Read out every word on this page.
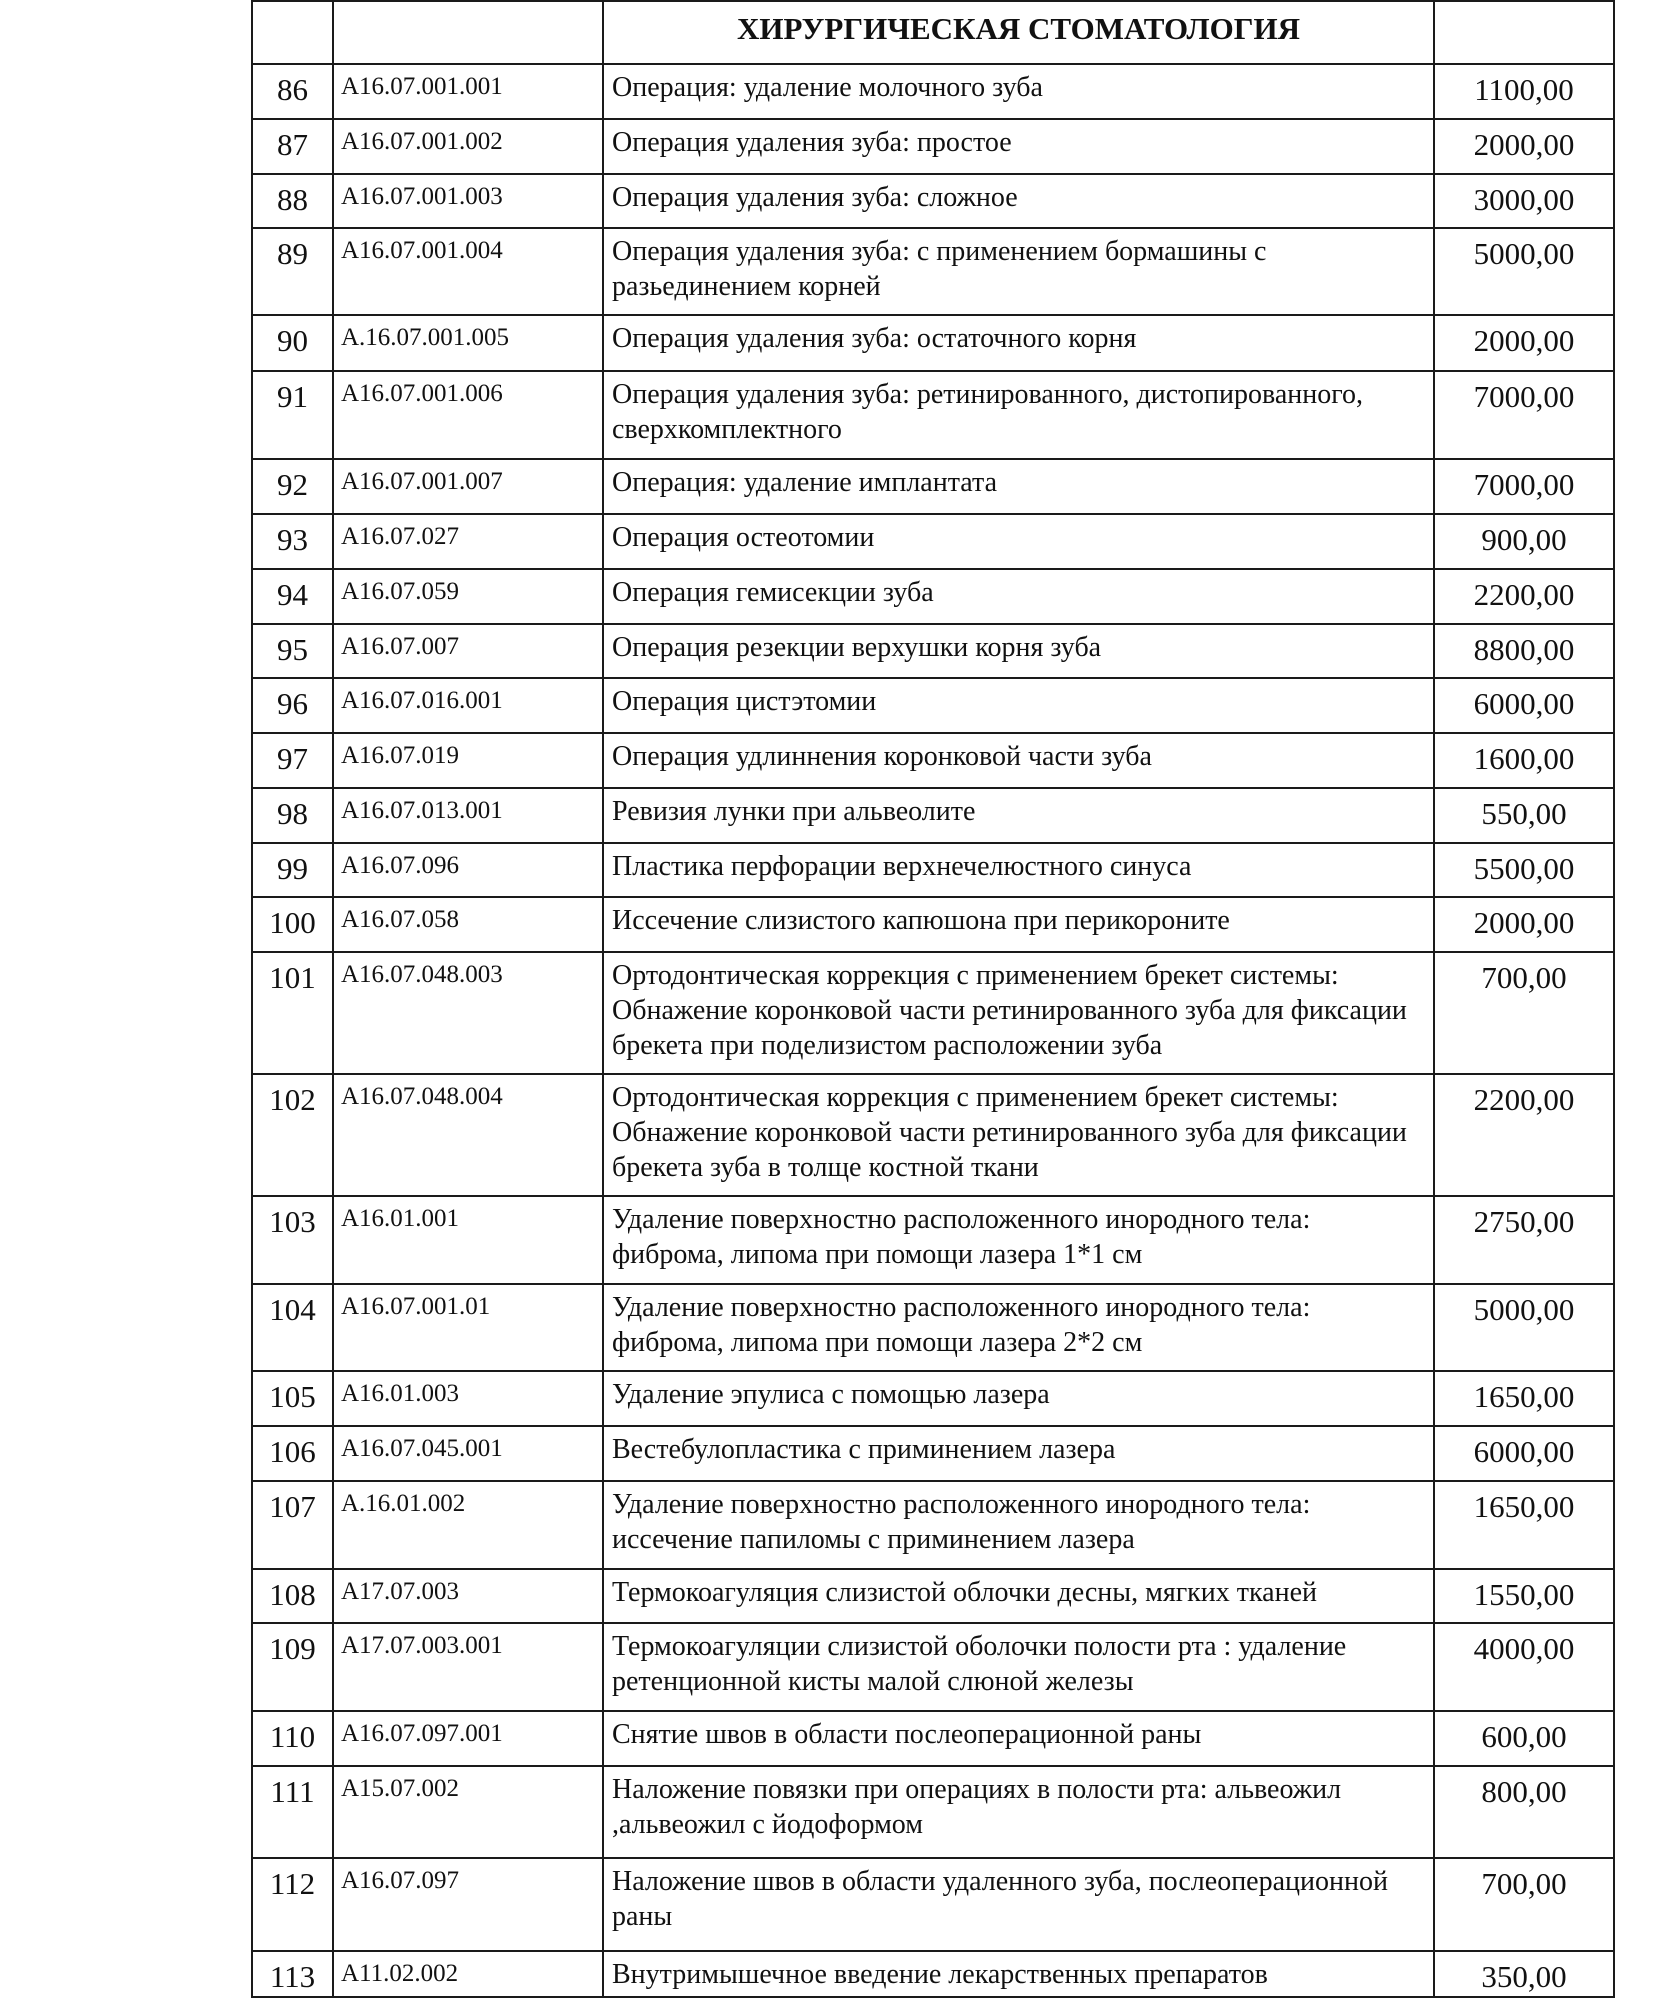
		ХИРУРГИЧЕСКАЯ СТОМАТОЛОГИЯ	
86	A16.07.001.001	Операция: удаление молочного зуба	1100,00
87	A16.07.001.002	Операция удаления зуба: простое	2000,00
88	A16.07.001.003	Операция удаления зуба: сложное	3000,00
89	A16.07.001.004	Операция удаления зуба: с применением бормашины с разьединением корней	5000,00
90	A.16.07.001.005	Операция удаления зуба: остаточного корня	2000,00
91	A16.07.001.006	Операция удаления зуба: ретинированного, дистопированного, сверхкомплектного	7000,00
92	A16.07.001.007	Операция: удаление имплантата	7000,00
93	A16.07.027	Операция остеотомии	900,00
94	A16.07.059	Операция гемисекции зуба	2200,00
95	A16.07.007	Операция резекции верхушки корня зуба	8800,00
96	A16.07.016.001	Операция цистэтомии	6000,00
97	A16.07.019	Операция удлиннения коронковой части зуба	1600,00
98	A16.07.013.001	Ревизия лунки при альвеолите	550,00
99	A16.07.096	Пластика перфорации верхнечелюстного синуса	5500,00
100	A16.07.058	Иссечение слизистого капюшона при перикороните	2000,00
101	A16.07.048.003	Ортодонтическая коррекция с применением брекет системы: Обнажение коронковой части ретинированного зуба для фиксации брекета при поделизистом расположении зуба	700,00
102	A16.07.048.004	Ортодонтическая коррекция с применением брекет системы: Обнажение коронковой части ретинированного зуба для фиксации брекета зуба в толще костной ткани	2200,00
103	A16.01.001	Удаление поверхностно расположенного инородного тела: фиброма, липома при помощи лазера 1*1 см	2750,00
104	A16.07.001.01	Удаление поверхностно расположенного инородного тела: фиброма, липома при помощи лазера 2*2 см	5000,00
105	A16.01.003	Удаление эпулиса с помощью лазера	1650,00
106	A16.07.045.001	Вестебулопластика с приминением лазера	6000,00
107	A.16.01.002	Удаление поверхностно расположенного инородного тела: иссечение папиломы с приминением лазера	1650,00
108	A17.07.003	Термокоагуляция слизистой облочки десны, мягких тканей	1550,00
109	A17.07.003.001	Термокоагуляции слизистой оболочки полости рта : удаление ретенционной кисты малой слюной железы	4000,00
110	A16.07.097.001	Снятие швов в области послеоперационной раны	600,00
111	A15.07.002	Наложение повязки при операциях в полости рта: альвеожил ,альвеожил с йодоформом	800,00
112	A16.07.097	Наложение швов в области удаленного зуба, послеоперационной раны	700,00
113	A11.02.002	Внутримышечное введение лекарственных препаратов	350,00
